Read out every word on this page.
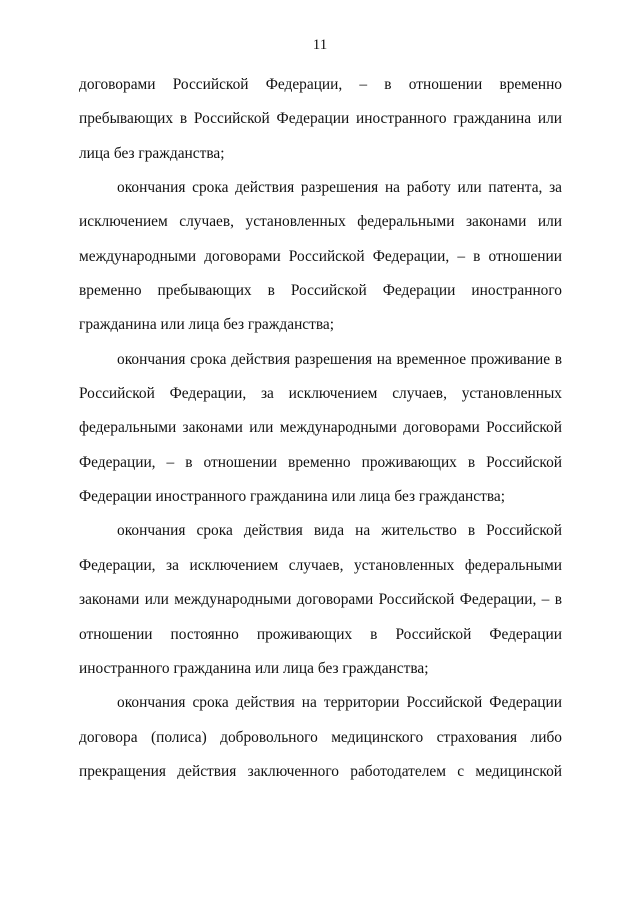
11
договорами Российской Федерации, – в отношении временно
пребывающих в Российской Федерации иностранного гражданина или
лица без гражданства;
окончания срока действия разрешения на работу или патента, за
исключением случаев, установленных федеральными законами или
международными договорами Российской Федерации, – в отношении
временно пребывающих в Российской Федерации иностранного
гражданина или лица без гражданства;
окончания срока действия разрешения на временное проживание в
Российской Федерации, за исключением случаев, установленных
федеральными законами или международными договорами Российской
Федерации, – в отношении временно проживающих в Российской
Федерации иностранного гражданина или лица без гражданства;
окончания срока действия вида на жительство в Российской
Федерации, за исключением случаев, установленных федеральными
законами или международными договорами Российской Федерации, – в
отношении постоянно проживающих в Российской Федерации
иностранного гражданина или лица без гражданства;
окончания срока действия на территории Российской Федерации
договора (полиса) добровольного медицинского страхования либо
прекращения действия заключенного работодателем с медицинской
